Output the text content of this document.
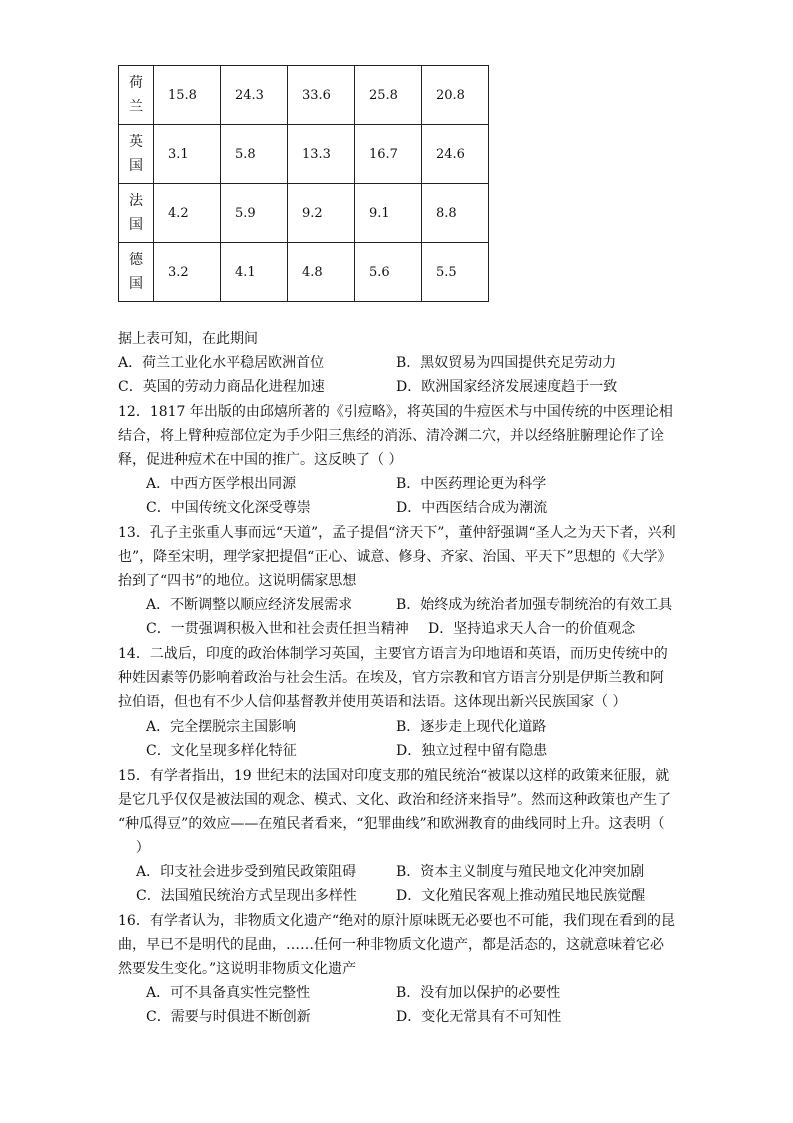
荷
兰	15.8	24.3	33.6	25.8	20.8

英
国	3.1	5.8	13.3	16.7	24.6

法
国	4.2	5.9	9.2	9.1	8.8

德
国	3.2	4.1	4.8	5.6	5.5
据上表可知，在此期间
A．荷兰工业化水平稳居欧洲首位	B．黑奴贸易为四国提供充足劳动力
C．英国的劳动力商品化进程加速	D．欧洲国家经济发展速度趋于一致
12．1817 年出版的由邱熺所著的《引痘略》，将英国的牛痘医术与中国传统的中医理论相
结合，将上臂种痘部位定为手少阳三焦经的消泺、清冷渊二穴，并以经络脏腑理论作了诠
释，促进种痘术在中国的推广。这反映了（ ）
A．中西方医学根出同源	B．中医药理论更为科学
C．中国传统文化深受尊崇	D．中西医结合成为潮流
13．孔子主张重人事而远“天道”，孟子提倡“济天下”，董仲舒强调“圣人之为天下者，兴利
也”，降至宋明，理学家把提倡“正心、诚意、修身、齐家、治国、平天下”思想的《大学》
抬到了“四书”的地位。这说明儒家思想
A．不断调整以顺应经济发展需求	B．始终成为统治者加强专制统治的有效工具
C．一贯强调积极入世和社会责任担当精神 D．坚持追求天人合一的价值观念
14．二战后，印度的政治体制学习英国，主要官方语言为印地语和英语，而历史传统中的
种姓因素等仍影响着政治与社会生活。在埃及，官方宗教和官方语言分别是伊斯兰教和阿
拉伯语，但也有不少人信仰基督教并使用英语和法语。这体现出新兴民族国家（ ）
A．完全摆脱宗主国影响	B．逐步走上现代化道路
C．文化呈现多样化特征	D．独立过程中留有隐患
15．有学者指出，19 世纪末的法国对印度支那的殖民统治“被谋以这样的政策来征服，就
是它几乎仅仅是被法国的观念、模式、文化、政治和经济来指导”。然而这种政策也产生了
“种瓜得豆”的效应——在殖民者看来，“犯罪曲线”和欧洲教育的曲线同时上升。这表明（
）
A．印支社会进步受到殖民政策阻碍	B．资本主义制度与殖民地文化冲突加剧
C．法国殖民统治方式呈现出多样性	D．文化殖民客观上推动殖民地民族觉醒
16．有学者认为，非物质文化遗产“绝对的原汁原味既无必要也不可能，我们现在看到的昆
曲，早已不是明代的昆曲，……任何一种非物质文化遗产，都是活态的，这就意味着它必
然要发生变化。”这说明非物质文化遗产
A．可不具备真实性完整性	B．没有加以保护的必要性
C．需要与时俱进不断创新	D．变化无常具有不可知性
